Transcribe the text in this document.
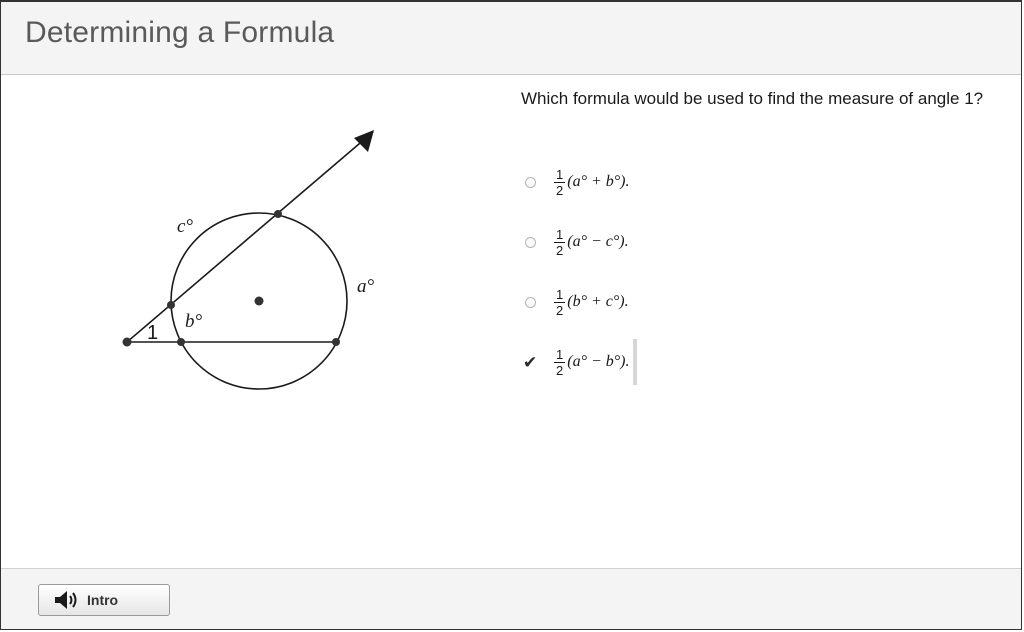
Determining a Formula
c°
a°
b°
1
Which formula would be used to find the measure of angle 1?
$\frac{1}{2} (a^\circ + b^\circ)$.
$\frac{1}{2} (a^\circ - c^\circ)$.
$\frac{1}{2} (b^\circ + c^\circ)$.
✔ $\frac{1}{2} (a^\circ - b^\circ)$.
Intro
